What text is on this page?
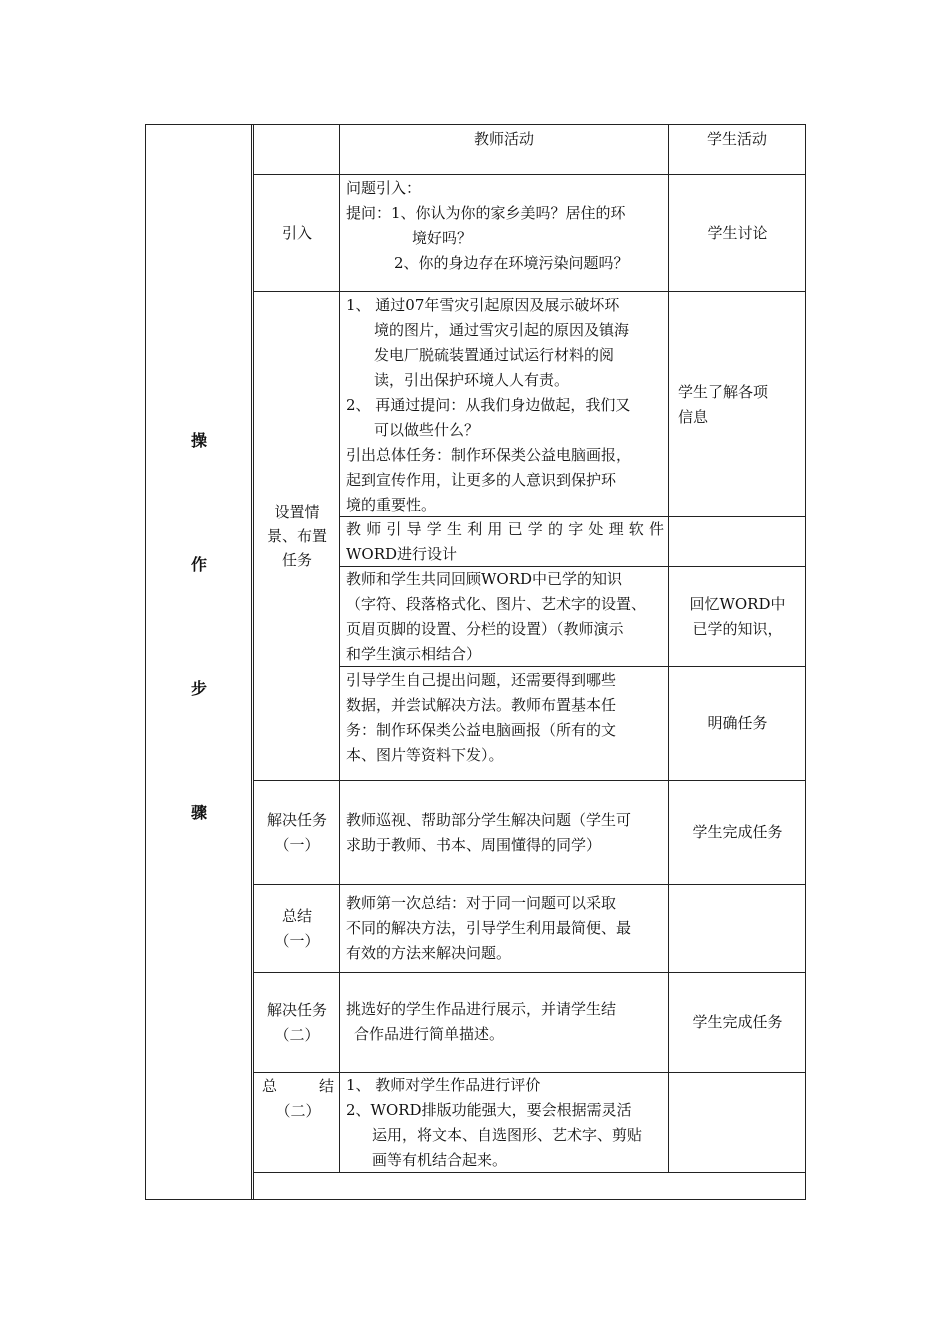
操
作
步
骤
教师活动	学生活动
引入
问题引入：
提问：1、你认为你的家乡美吗？居住的环
境好吗？
2、你的身边存在环境污染问题吗？
学生讨论
设置情
景、布置
任务
1、 通过07年雪灾引起原因及展示破坏环
境的图片，通过雪灾引起的原因及镇海
发电厂脱硫装置通过试运行材料的阅
读，引出保护环境人人有责。
2、 再通过提问：从我们身边做起，我们又
可以做些什么？
引出总体任务：制作环保类公益电脑画报，
起到宣传作用，让更多的人意识到保护环
境的重要性。
学生了解各项
信息
教师引导学生利用已学的字处理软件
WORD进行设计
教师和学生共同回顾WORD中已学的知识
（字符、段落格式化、图片、艺术字的设置、
页眉页脚的设置、分栏的设置）（教师演示
和学生演示相结合）
回忆WORD中
已学的知识，
引导学生自己提出问题，还需要得到哪些
数据，并尝试解决方法。教师布置基本任
务：制作环保类公益电脑画报（所有的文
本、图片等资料下发）。
明确任务
解决任务
（一）
教师巡视、帮助部分学生解决问题（学生可
求助于教师、书本、周围懂得的同学）
学生完成任务
总结
（一）
教师第一次总结：对于同一问题可以采取
不同的解决方法，引导学生利用最简便、最
有效的方法来解决问题。
解决任务
（二）
挑选好的学生作品进行展示，并请学生结
合作品进行简单描述。
学生完成任务
总	结
（二）
1、 教师对学生作品进行评价
2、WORD排版功能强大，要会根据需灵活
运用，将文本、自选图形、艺术字、剪贴
画等有机结合起来。
